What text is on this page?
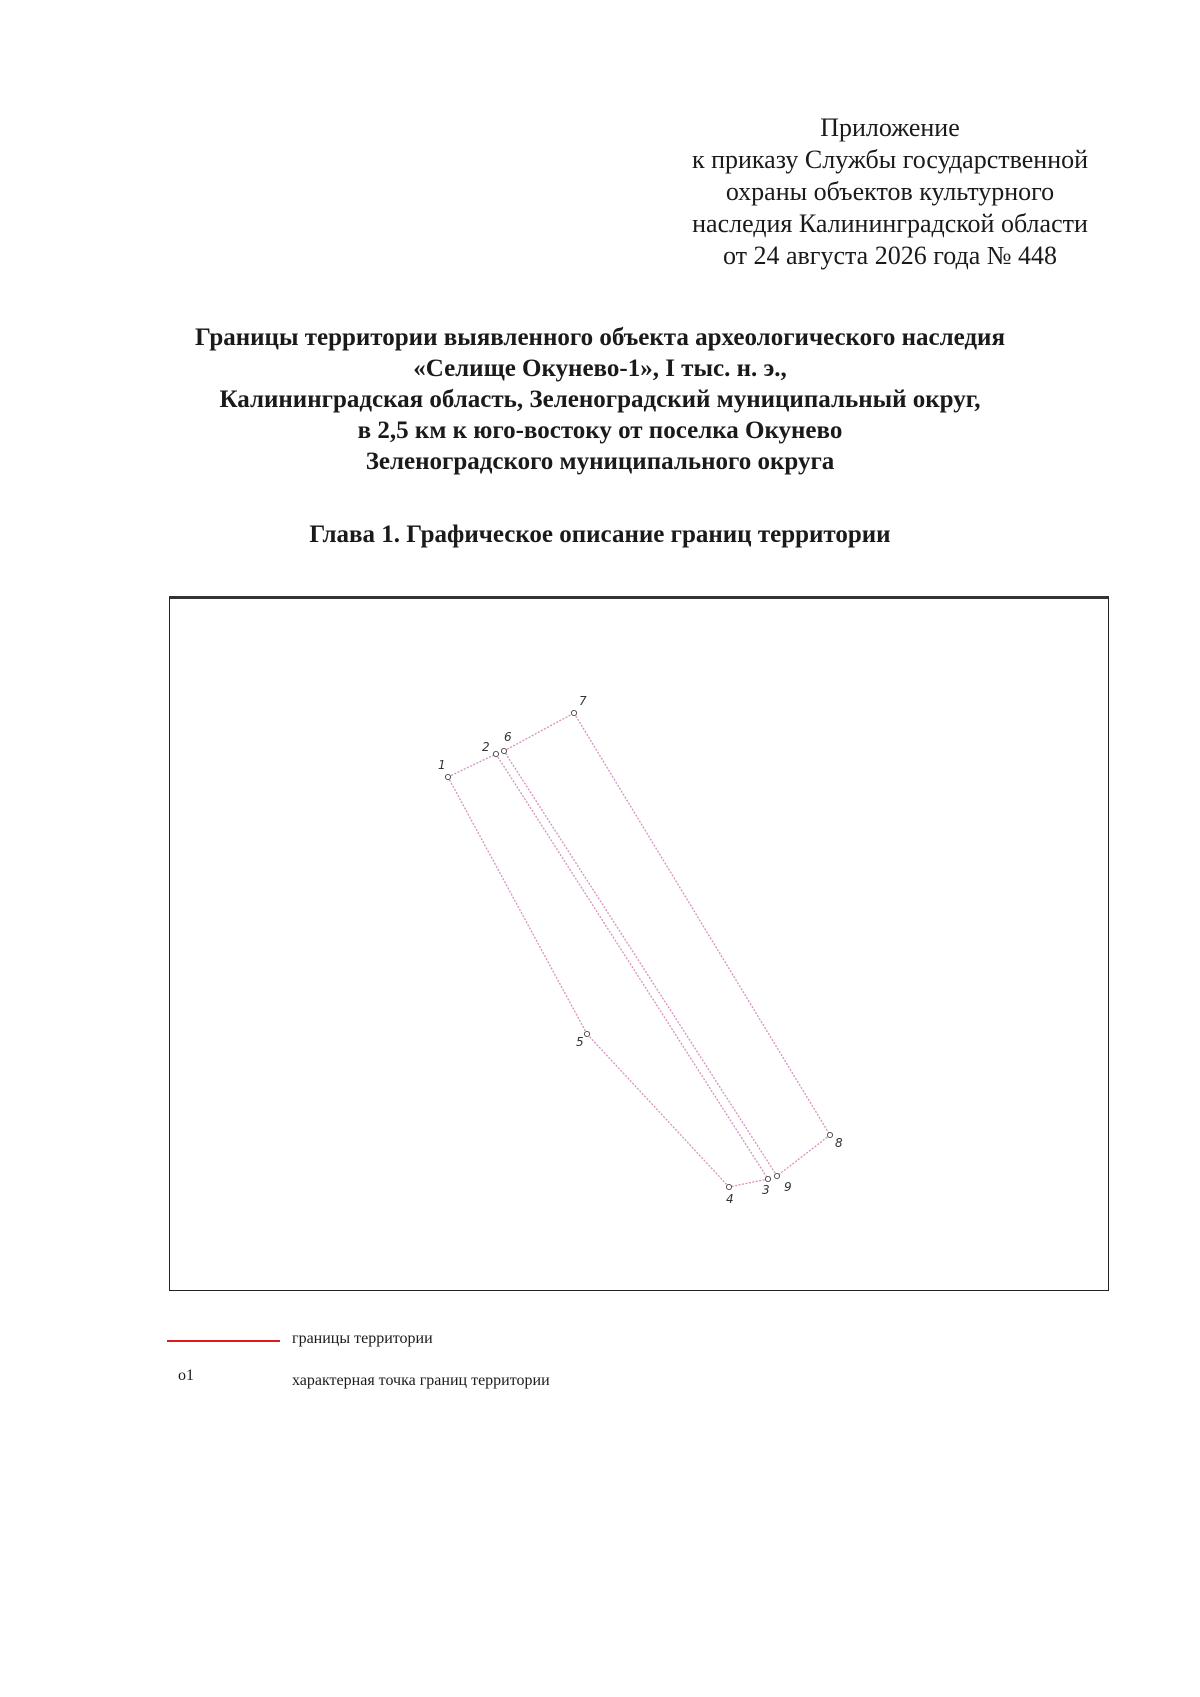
Приложение
к приказу Службы государственной
охраны объектов культурного
наследия Калининградской области
от 24 августа 2026 года № 448
Границы территории выявленного объекта археологического наследия
«Селище Окунево-1», I тыс. н. э.,
Калининградская область, Зеленоградский муниципальный округ,
в 2,5 км к юго-востоку от поселка Окунево
Зеленоградского муниципального округа
Глава 1. Графическое описание границ территории
1
2
3
4
5
6
7
8
9
границы территории
o1	характерная точка границ территории
